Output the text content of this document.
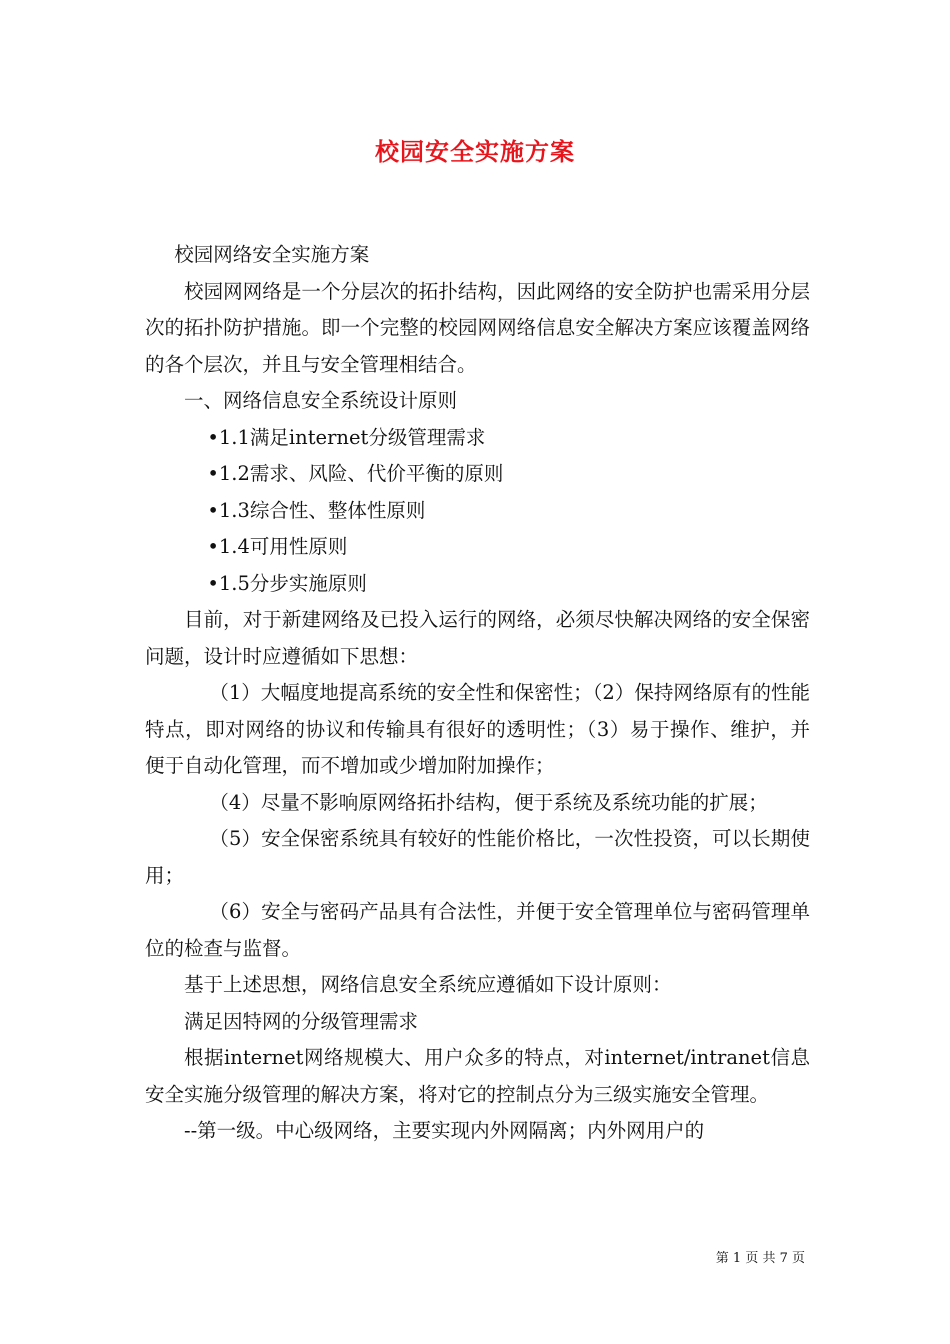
校园安全实施方案

校园网络安全实施方案

校园网网络是一个分层次的拓扑结构，因此网络的安全防护也需采用分层次的拓扑防护措施。即一个完整的校园网网络信息安全解决方案应该覆盖网络的各个层次，并且与安全管理相结合。

一、网络信息安全系统设计原则

•1.1满足internet分级管理需求

•1.2需求、风险、代价平衡的原则

•1.3综合性、整体性原则

•1.4可用性原则

•1.5分步实施原则

目前，对于新建网络及已投入运行的网络，必须尽快解决网络的安全保密问题，设计时应遵循如下思想：

（1）大幅度地提高系统的安全性和保密性；（2）保持网络原有的性能特点，即对网络的协议和传输具有很好的透明性；（3）易于操作、维护，并便于自动化管理，而不增加或少增加附加操作；

（4）尽量不影响原网络拓扑结构，便于系统及系统功能的扩展；

（5）安全保密系统具有较好的性能价格比，一次性投资，可以长期使用；

（6）安全与密码产品具有合法性，并便于安全管理单位与密码管理单位的检查与监督。

基于上述思想，网络信息安全系统应遵循如下设计原则：

满足因特网的分级管理需求

根据internet网络规模大、用户众多的特点，对internet/intranet信息安全实施分级管理的解决方案，将对它的控制点分为三级实施安全管理。

--第一级。中心级网络，主要实现内外网隔离；内外网用户的

第 1 页 共 7 页
